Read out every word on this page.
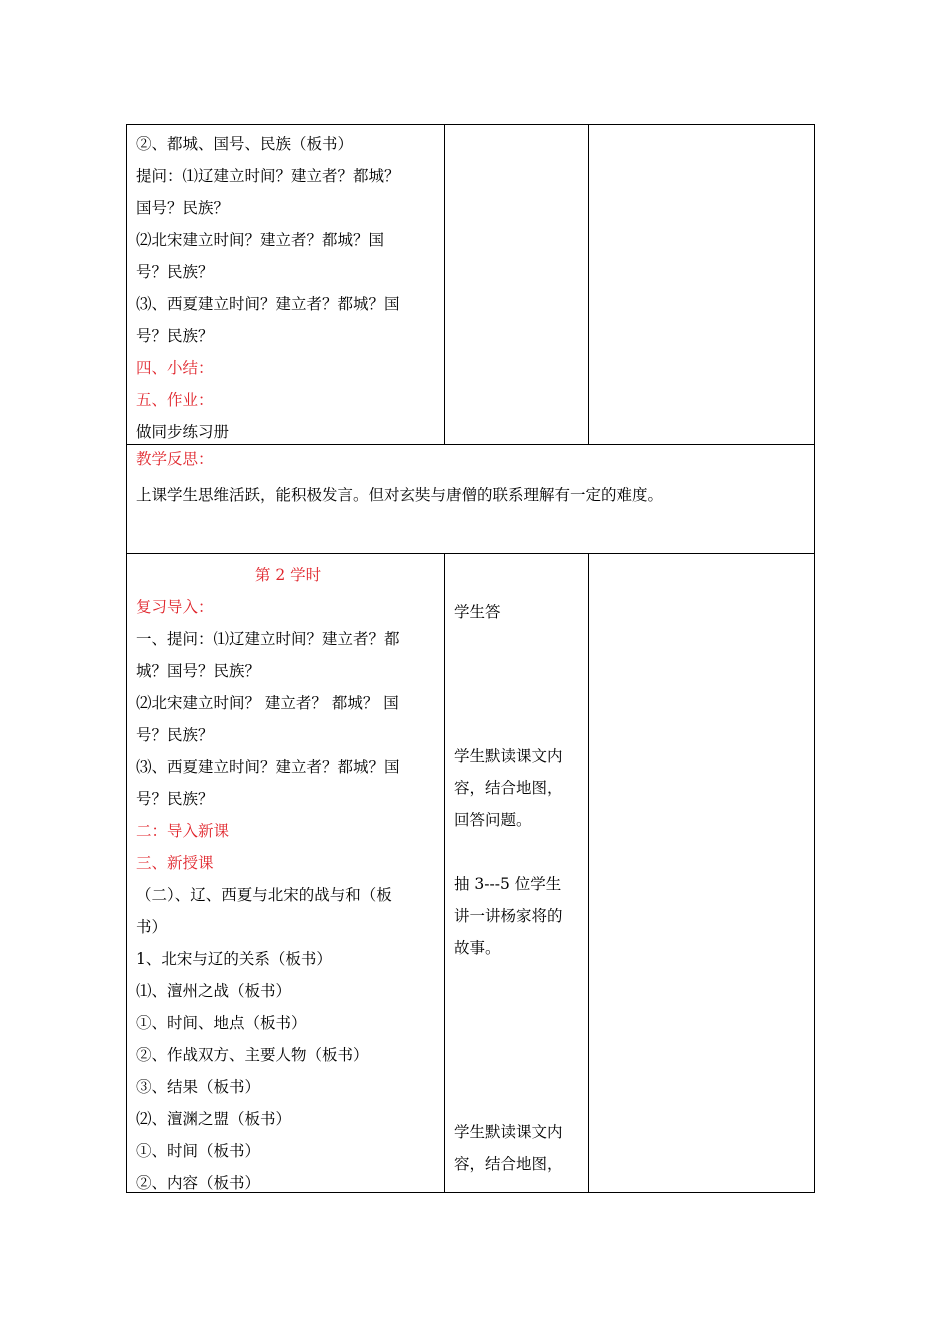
②、都城、国号、民族（板书）

提问：⑴辽建立时间？建立者？都城？

国号？民族？

⑵北宋建立时间？建立者？都城？国

号？民族？

⑶、西夏建立时间？建立者？都城？国

号？民族？

四、小结：

五、作业：

做同步练习册

教学反思：

上课学生思维活跃，能积极发言。但对玄奘与唐僧的联系理解有一定的难度。

第 2 学时

复习导入：

一、提问：⑴辽建立时间？建立者？都

城？国号？民族？

⑵北宋建立时间？ 建立者？ 都城？ 国

号？民族？

⑶、西夏建立时间？建立者？都城？国

号？民族？

二：导入新课

三、新授课

（二）、辽、西夏与北宋的战与和（板

书）

1、北宋与辽的关系（板书）

⑴、澶州之战（板书）

①、时间、地点（板书）

②、作战双方、主要人物（板书）

③、结果（板书）

⑵、澶渊之盟（板书）

①、时间（板书）

②、内容（板书）

学生答

学生默读课文内

容，结合地图，

回答问题。

抽 3---5 位学生

讲一讲杨家将的

故事。

学生默读课文内

容，结合地图，
